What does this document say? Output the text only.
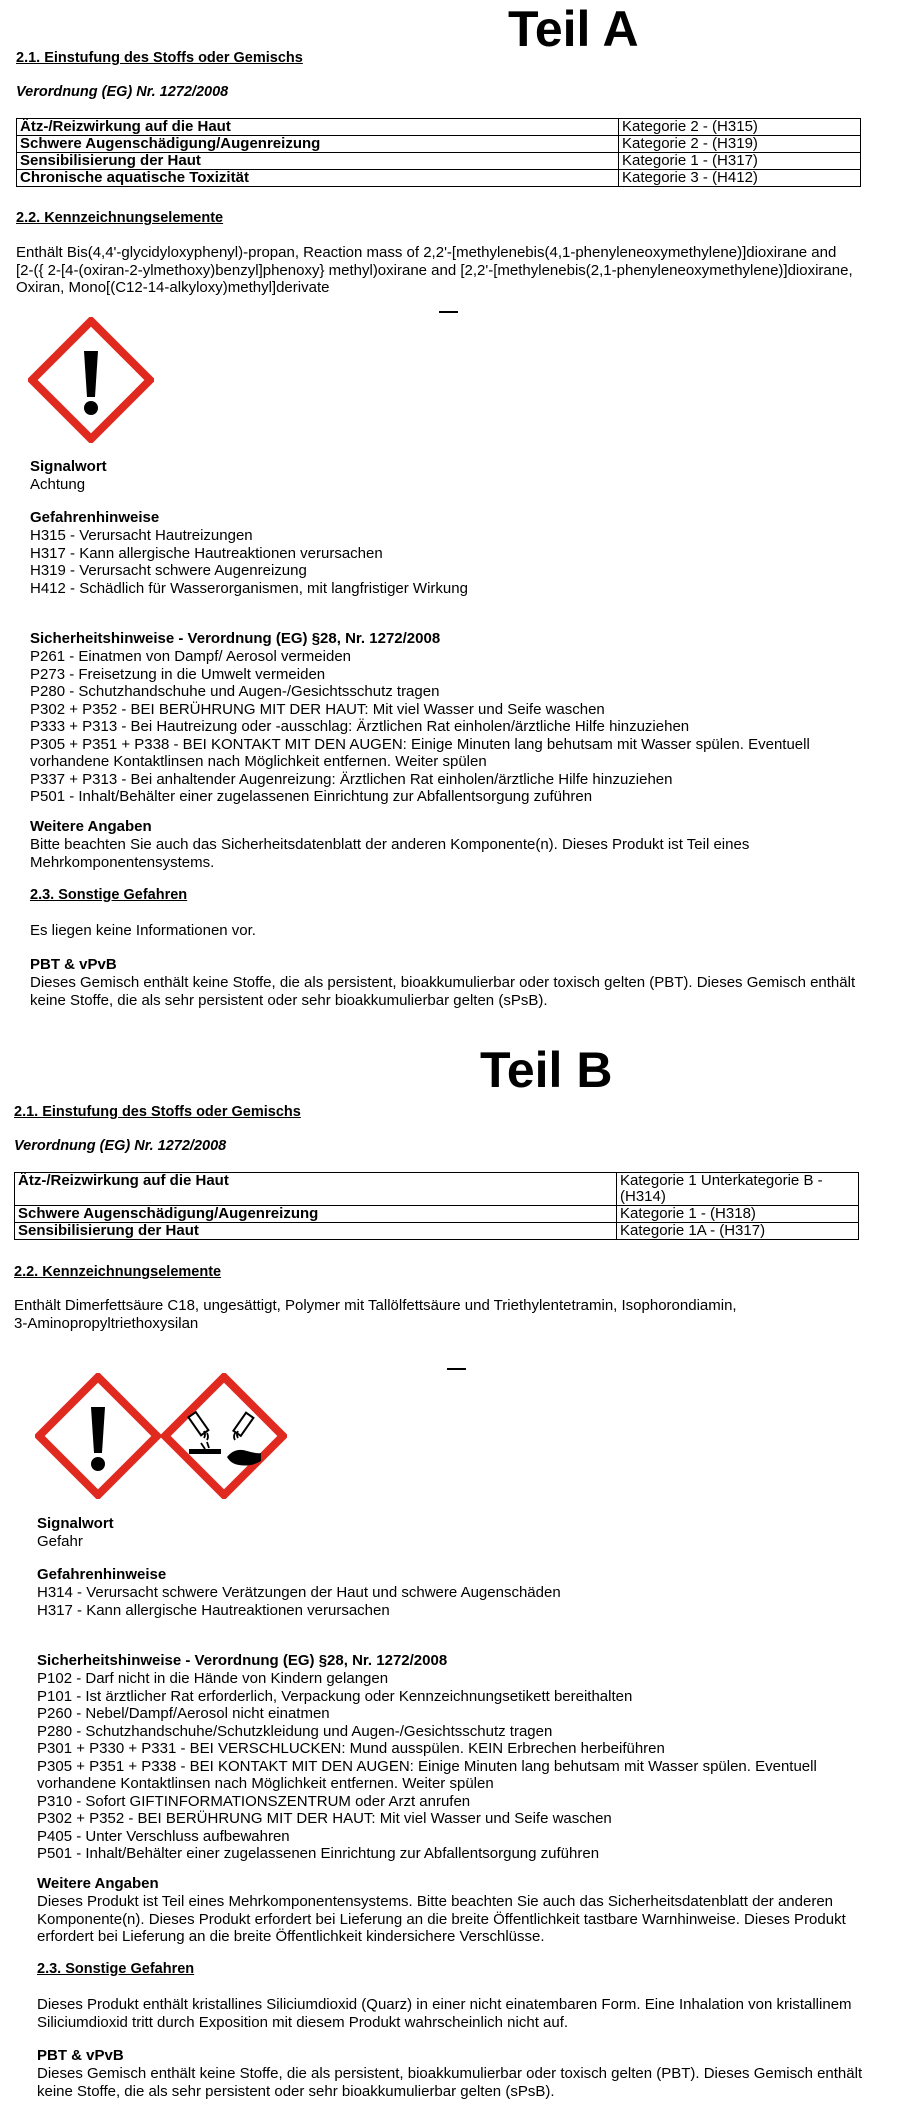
Teil A
2.1. Einstufung des Stoffs oder Gemischs
Verordnung (EG) Nr. 1272/2008
Ätz-/Reizwirkung auf die Haut	Kategorie 2 - (H315)
Schwere Augenschädigung/Augenreizung	Kategorie 2 - (H319)
Sensibilisierung der Haut	Kategorie 1 - (H317)
Chronische aquatische Toxizität	Kategorie 3 - (H412)
2.2. Kennzeichnungselemente
Enthält Bis(4,4'-glycidyloxyphenyl)-propan, Reaction mass of 2,2'-[methylenebis(4,1-phenyleneoxymethylene)]dioxirane and
[2-({ 2-[4-(oxiran-2-ylmethoxy)benzyl]phenoxy} methyl)oxirane and [2,2'-[methylenebis(2,1-phenyleneoxymethylene)]dioxirane,
Oxiran, Mono[(C12-14-alkyloxy)methyl]derivate
Signalwort
Achtung
Gefahrenhinweise
H315 - Verursacht Hautreizungen
H317 - Kann allergische Hautreaktionen verursachen
H319 - Verursacht schwere Augenreizung
H412 - Schädlich für Wasserorganismen, mit langfristiger Wirkung
Sicherheitshinweise - Verordnung (EG) §28, Nr. 1272/2008
P261 - Einatmen von Dampf/ Aerosol vermeiden
P273 - Freisetzung in die Umwelt vermeiden
P280 - Schutzhandschuhe und Augen-/Gesichtsschutz tragen
P302 + P352 - BEI BERÜHRUNG MIT DER HAUT: Mit viel Wasser und Seife waschen
P333 + P313 - Bei Hautreizung oder -ausschlag: Ärztlichen Rat einholen/ärztliche Hilfe hinzuziehen
P305 + P351 + P338 - BEI KONTAKT MIT DEN AUGEN: Einige Minuten lang behutsam mit Wasser spülen. Eventuell
vorhandene Kontaktlinsen nach Möglichkeit entfernen. Weiter spülen
P337 + P313 - Bei anhaltender Augenreizung: Ärztlichen Rat einholen/ärztliche Hilfe hinzuziehen
P501 - Inhalt/Behälter einer zugelassenen Einrichtung zur Abfallentsorgung zuführen
Weitere Angaben
Bitte beachten Sie auch das Sicherheitsdatenblatt der anderen Komponente(n). Dieses Produkt ist Teil eines
Mehrkomponentensystems.
2.3. Sonstige Gefahren
Es liegen keine Informationen vor.
PBT & vPvB
Dieses Gemisch enthält keine Stoffe, die als persistent, bioakkumulierbar oder toxisch gelten (PBT). Dieses Gemisch enthält
keine Stoffe, die als sehr persistent oder sehr bioakkumulierbar gelten (sPsB).
Teil B
2.1. Einstufung des Stoffs oder Gemischs
Verordnung (EG) Nr. 1272/2008
Ätz-/Reizwirkung auf die Haut	Kategorie 1 Unterkategorie B -
(H314)

Schwere Augenschädigung/Augenreizung	Kategorie 1 - (H318)
Sensibilisierung der Haut	Kategorie 1A - (H317)
2.2. Kennzeichnungselemente
Enthält Dimerfettsäure C18, ungesättigt, Polymer mit Tallölfettsäure und Triethylentetramin, Isophorondiamin,
3-Aminopropyltriethoxysilan
Signalwort
Gefahr
Gefahrenhinweise
H314 - Verursacht schwere Verätzungen der Haut und schwere Augenschäden
H317 - Kann allergische Hautreaktionen verursachen
Sicherheitshinweise - Verordnung (EG) §28, Nr. 1272/2008
P102 - Darf nicht in die Hände von Kindern gelangen
P101 - Ist ärztlicher Rat erforderlich, Verpackung oder Kennzeichnungsetikett bereithalten
P260 - Nebel/Dampf/Aerosol nicht einatmen
P280 - Schutzhandschuhe/Schutzkleidung und Augen-/Gesichtsschutz tragen
P301 + P330 + P331 - BEI VERSCHLUCKEN: Mund ausspülen. KEIN Erbrechen herbeiführen
P305 + P351 + P338 - BEI KONTAKT MIT DEN AUGEN: Einige Minuten lang behutsam mit Wasser spülen. Eventuell
vorhandene Kontaktlinsen nach Möglichkeit entfernen. Weiter spülen
P310 - Sofort GIFTINFORMATIONSZENTRUM oder Arzt anrufen
P302 + P352 - BEI BERÜHRUNG MIT DER HAUT: Mit viel Wasser und Seife waschen
P405 - Unter Verschluss aufbewahren
P501 - Inhalt/Behälter einer zugelassenen Einrichtung zur Abfallentsorgung zuführen
Weitere Angaben
Dieses Produkt ist Teil eines Mehrkomponentensystems. Bitte beachten Sie auch das Sicherheitsdatenblatt der anderen
Komponente(n). Dieses Produkt erfordert bei Lieferung an die breite Öffentlichkeit tastbare Warnhinweise. Dieses Produkt
erfordert bei Lieferung an die breite Öffentlichkeit kindersichere Verschlüsse.
2.3. Sonstige Gefahren
Dieses Produkt enthält kristallines Siliciumdioxid (Quarz) in einer nicht einatembaren Form. Eine Inhalation von kristallinem
Siliciumdioxid tritt durch Exposition mit diesem Produkt wahrscheinlich nicht auf.
PBT & vPvB
Dieses Gemisch enthält keine Stoffe, die als persistent, bioakkumulierbar oder toxisch gelten (PBT). Dieses Gemisch enthält
keine Stoffe, die als sehr persistent oder sehr bioakkumulierbar gelten (sPsB).
